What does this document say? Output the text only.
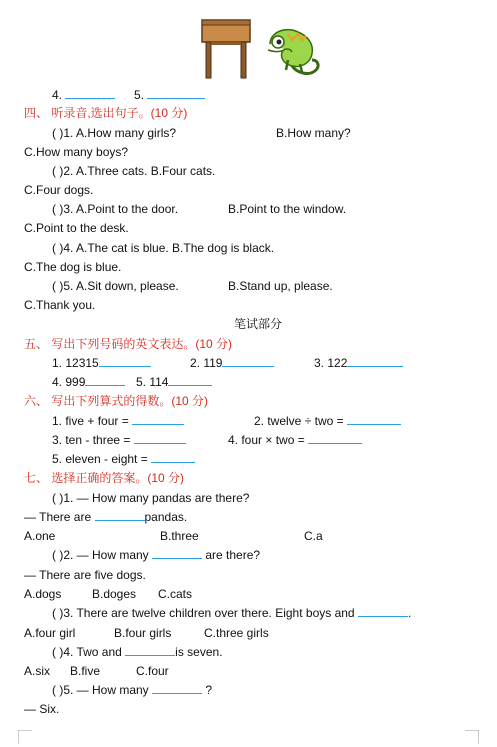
4.	5.
四、 听录音,选出句子。(10 分)
( )1. A.How many girls?	B.How many?
C.How many boys?
( )2. A.Three cats. B.Four cats.
C.Four dogs.
( )3. A.Point to the door.	B.Point to the window.
C.Point to the desk.
( )4. A.The cat is blue. B.The dog is black.
C.The dog is blue.
( )5. A.Sit down, please.	B.Stand up, please.
C.Thank you.
笔试部分
五、 写出下列号码的英文表达。(10 分)
1. 12315	2. 119	3. 122
4. 999	5. 114
六、 写出下列算式的得数。(10 分)
1. five + four =	2. twelve ÷ two =
3. ten - three =	4. four × two =
5. eleven - eight =
七、 选择正确的答案。(10 分)
( )1. — How many pandas are there?
— There are	pandas.
A.one	B.three	C.a
( )2. — How many	are there?
— There are five dogs.
A.dogs	B.doges C.cats
( )3. There are twelve children over there. Eight boys and	.
A.four girl	B.four girls	C.three girls
( )4. Two and	is seven.
A.six B.five	C.four
( )5. — How many	?
— Six.
